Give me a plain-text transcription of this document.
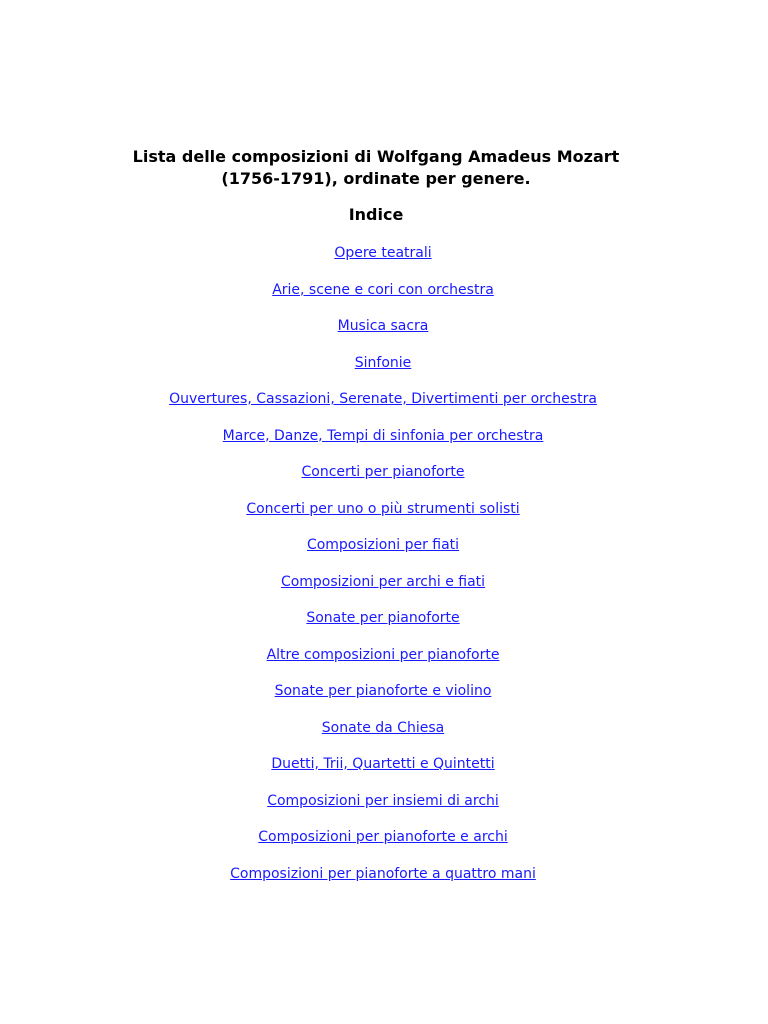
Lista delle composizioni di Wolfgang Amadeus Mozart
(1756-1791), ordinate per genere.
Indice
Opere teatrali
Arie, scene e cori con orchestra
Musica sacra
Sinfonie
Ouvertures, Cassazioni, Serenate, Divertimenti per orchestra
Marce, Danze, Tempi di sinfonia per orchestra
Concerti per pianoforte
Concerti per uno o più strumenti solisti
Composizioni per fiati
Composizioni per archi e fiati
Sonate per pianoforte
Altre composizioni per pianoforte
Sonate per pianoforte e violino
Sonate da Chiesa
Duetti, Trii, Quartetti e Quintetti
Composizioni per insiemi di archi
Composizioni per pianoforte e archi
Composizioni per pianoforte a quattro mani
